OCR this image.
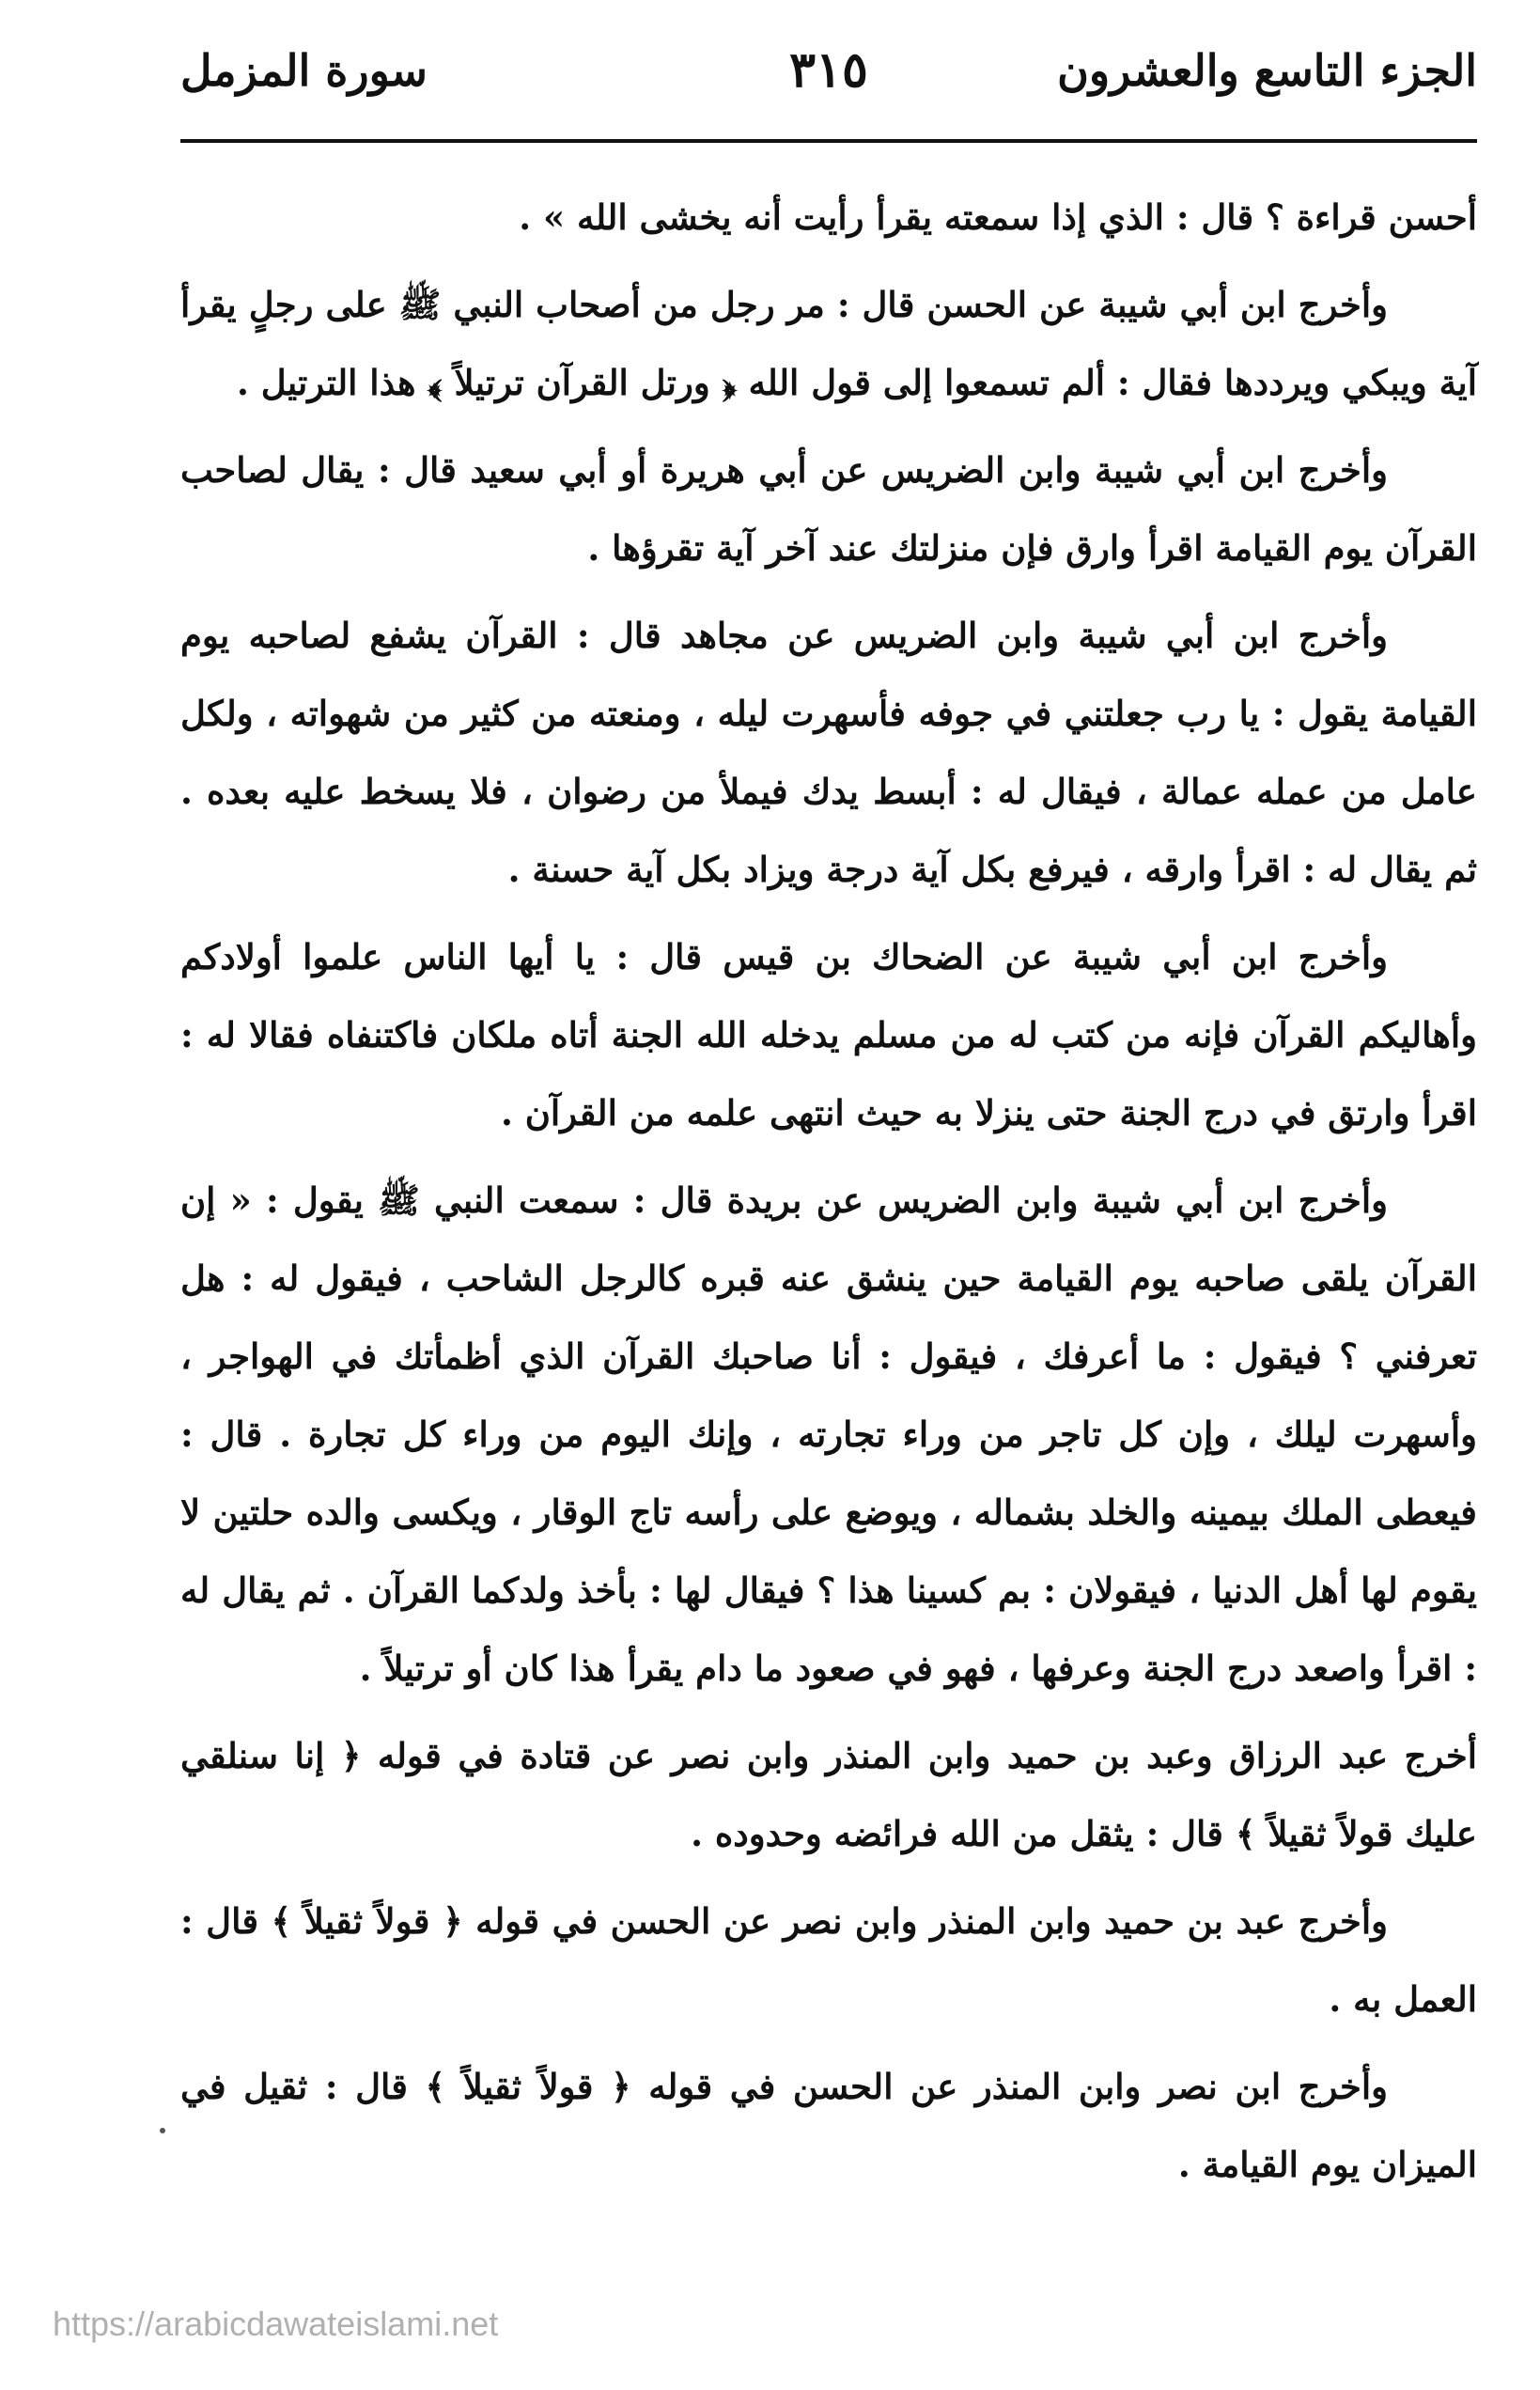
الجزء التاسع والعشرون
٣١٥
سورة المزمل

أحسن قراءة ؟ قال : الذي إذا سمعته يقرأ رأيت أنه يخشى الله » .

وأخرج ابن أبي شيبة عن الحسن قال : مر رجل من أصحاب النبي ﷺ على رجلٍ يقرأ آية ويبكي ويرددها فقال : ألم تسمعوا إلى قول الله ﴿ ورتل القرآن ترتيلاً ﴾ هذا الترتيل .

وأخرج ابن أبي شيبة وابن الضريس عن أبي هريرة أو أبي سعيد قال : يقال لصاحب القرآن يوم القيامة اقرأ وارق فإن منزلتك عند آخر آية تقرؤها .

وأخرج ابن أبي شيبة وابن الضريس عن مجاهد قال : القرآن يشفع لصاحبه يوم القيامة يقول : يا رب جعلتني في جوفه فأسهرت ليله ، ومنعته من كثير من شهواته ، ولكل عامل من عمله عمالة ، فيقال له : أبسط يدك فيملأ من رضوان ، فلا يسخط عليه بعده . ثم يقال له : اقرأ وارقه ، فيرفع بكل آية درجة ويزاد بكل آية حسنة .

وأخرج ابن أبي شيبة عن الضحاك بن قيس قال : يا أيها الناس علموا أولادكم وأهاليكم القرآن فإنه من كتب له من مسلم يدخله الله الجنة أتاه ملكان فاكتنفاه فقالا له : اقرأ وارتق في درج الجنة حتى ينزلا به حيث انتهى علمه من القرآن .

وأخرج ابن أبي شيبة وابن الضريس عن بريدة قال : سمعت النبي ﷺ يقول : « إن القرآن يلقى صاحبه يوم القيامة حين ينشق عنه قبره كالرجل الشاحب ، فيقول له : هل تعرفني ؟ فيقول : ما أعرفك ، فيقول : أنا صاحبك القرآن الذي أظمأتك في الهواجر ، وأسهرت ليلك ، وإن كل تاجر من وراء تجارته ، وإنك اليوم من وراء كل تجارة . قال : فيعطى الملك بيمينه والخلد بشماله ، ويوضع على رأسه تاج الوقار ، ويكسى والده حلتين لا يقوم لها أهل الدنيا ، فيقولان : بم كسينا هذا ؟ فيقال لها : بأخذ ولدكما القرآن . ثم يقال له : اقرأ واصعد درج الجنة وعرفها ، فهو في صعود ما دام يقرأ هذا كان أو ترتيلاً .

أخرج عبد الرزاق وعبد بن حميد وابن المنذر وابن نصر عن قتادة في قوله ﴿ إنا سنلقي عليك قولاً ثقيلاً ﴾ قال : يثقل من الله فرائضه وحدوده .

وأخرج عبد بن حميد وابن المنذر وابن نصر عن الحسن في قوله ﴿ قولاً ثقيلاً ﴾ قال : العمل به .

وأخرج ابن نصر وابن المنذر عن الحسن في قوله ﴿ قولاً ثقيلاً ﴾ قال : ثقيل في الميزان يوم القيامة .

https://arabicdawateislami.net
